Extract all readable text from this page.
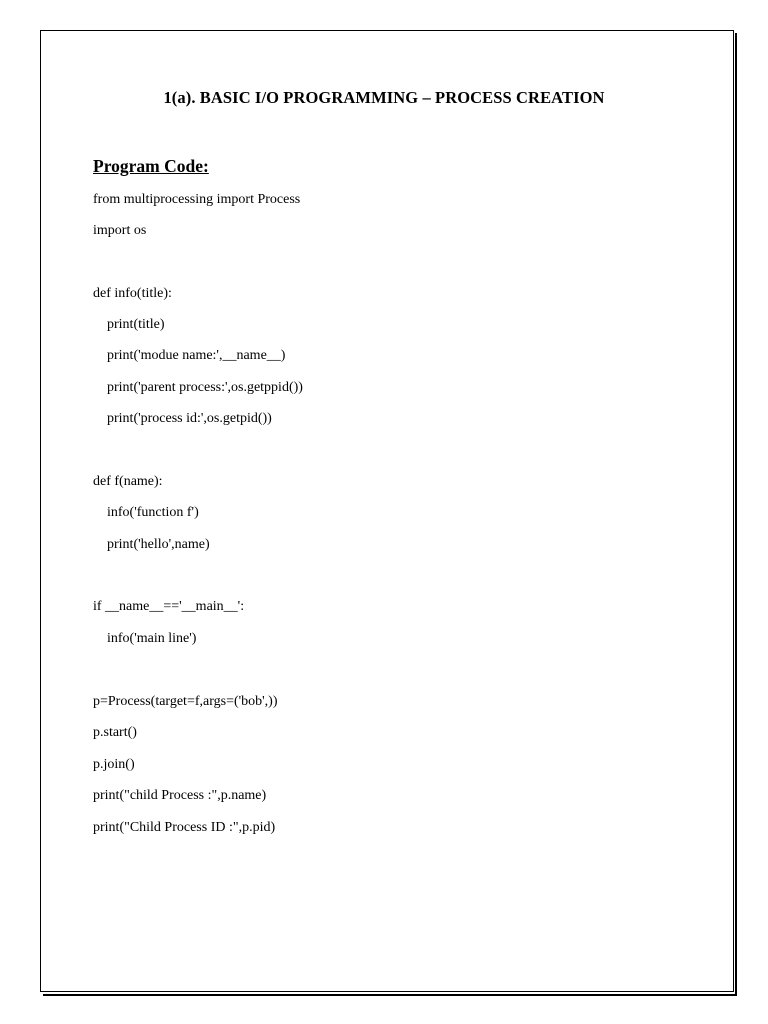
1(a). BASIC I/O PROGRAMMING – PROCESS CREATION
Program Code:
from multiprocessing import Process
import os
def info(title):
print(title)
print('modue name:',__name__)
print('parent process:',os.getppid())
print('process id:',os.getpid())
def f(name):
info('function f')
print('hello',name)
if __name__=='__main__':
info('main line')
p=Process(target=f,args=('bob',))
p.start()
p.join()
print("child Process :",p.name)
print("Child Process ID :",p.pid)
